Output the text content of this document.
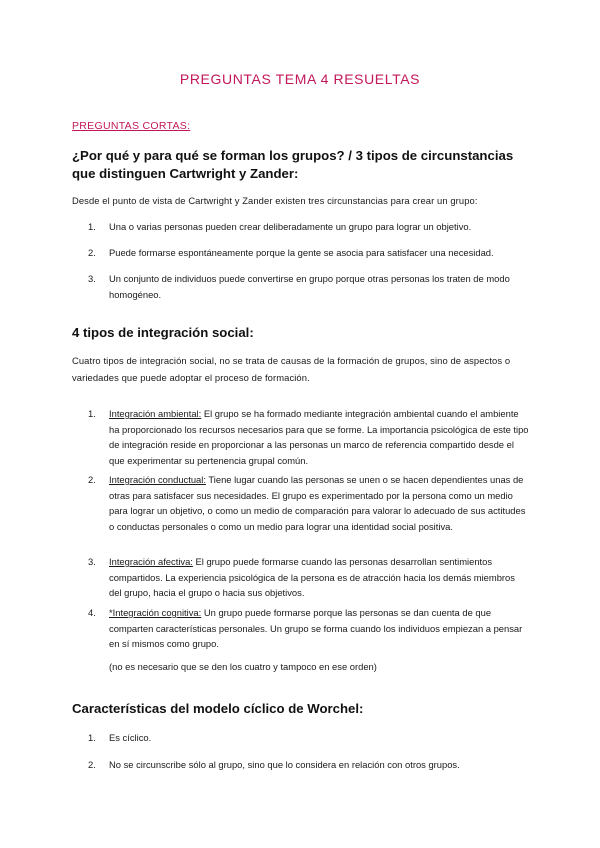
PREGUNTAS TEMA 4 RESUELTAS
PREGUNTAS CORTAS:
¿Por qué y para qué se forman los grupos? / 3 tipos de circunstancias que distinguen Cartwright y Zander:
Desde el punto de vista de Cartwright y Zander existen tres circunstancias para crear un grupo:
1. Una o varias personas pueden crear deliberadamente un grupo para lograr un objetivo.
2. Puede formarse espontáneamente porque la gente se asocia para satisfacer una necesidad.
3. Un conjunto de individuos puede convertirse en grupo porque otras personas los traten de modo homogéneo.
4 tipos de integración social:
Cuatro tipos de integración social, no se trata de causas de la formación de grupos, sino de aspectos o variedades que puede adoptar el proceso de formación.
1. Integración ambiental: El grupo se ha formado mediante integración ambiental cuando el ambiente ha proporcionado los recursos necesarios para que se forme. La importancia psicológica de este tipo de integración reside en proporcionar a las personas un marco de referencia compartido desde el que experimentar su pertenencia grupal común.
2. Integración conductual: Tiene lugar cuando las personas se unen o se hacen dependientes unas de otras para satisfacer sus necesidades. El grupo es experimentado por la persona como un medio para lograr un objetivo, o como un medio de comparación para valorar lo adecuado de sus actitudes o conductas personales o como un medio para lograr una identidad social positiva.
3. Integración afectiva: El grupo puede formarse cuando las personas desarrollan sentimientos compartidos. La experiencia psicológica de la persona es de atracción hacia los demás miembros del grupo, hacia el grupo o hacia sus objetivos.
4. *Integración cognitiva: Un grupo puede formarse porque las personas se dan cuenta de que comparten características personales. Un grupo se forma cuando los individuos empiezan a pensar en sí mismos como grupo.
(no es necesario que se den los cuatro y tampoco en ese orden)
Características del modelo cíclico de Worchel:
1. Es cíclico.
2. No se circunscribe sólo al grupo, sino que lo considera en relación con otros grupos.
